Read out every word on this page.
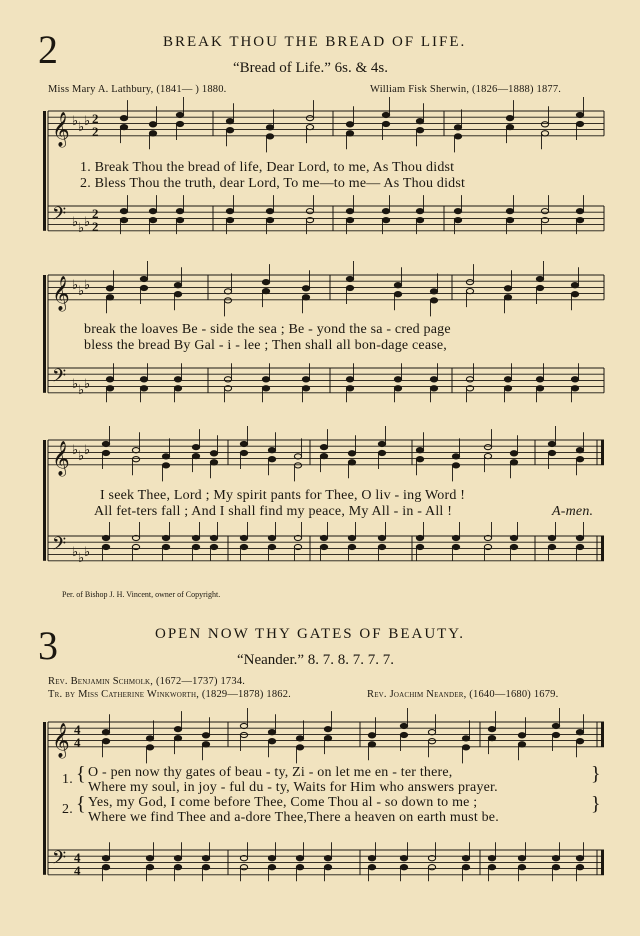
2	BREAK THOU THE BREAD OF LIFE.
“Bread of Life.” 6s. & 4s.
Miss Mary A. Lathbury, (1841— ) 1880.	William Fisk Sherwin, (1826—1888) 1877.
1. Break Thou the bread of life, Dear Lord, to me, As Thou didst
2. Bless Thou the truth, dear Lord, To me—to me— As Thou didst
break the loaves Be - side the sea ; Be - yond the sa - cred page
bless the bread By Gal - i - lee ; Then shall all bon-dage cease,
I seek Thee, Lord ; My spirit pants for Thee, O liv - ing Word !
All fet-ters fall ; And I shall find my peace, My All - in - All !	A-men.
Per. of Bishop J. H. Vincent, owner of Copyright.
3	OPEN NOW THY GATES OF BEAUTY.
“Neander.” 8. 7. 8. 7. 7. 7.
Rev. Benjamin Schmolk, (1672—1737) 1734.
Tr. by Miss Catherine Winkworth, (1829—1878) 1862.	Rev. Joachim Neander, (1640—1680) 1679.
1.
2.
{
{
}
}
O - pen now thy gates of beau - ty, Zi - on let me en - ter there,
Where my soul, in joy - ful du - ty, Waits for Him who answers prayer.
Yes, my God, I come before Thee, Come Thou al - so down to me ;
Where we find Thee and a-dore Thee,There a heaven on earth must be.
𝄞
𝄢
♭
♭
♭
♭
♭
♭
2
2
2
2
𝄞
𝄢
♭
♭
♭
♭
♭
♭
𝄞
𝄢
♭
♭
♭
♭
♭
♭
𝄞
𝄢
4
4
4
4
